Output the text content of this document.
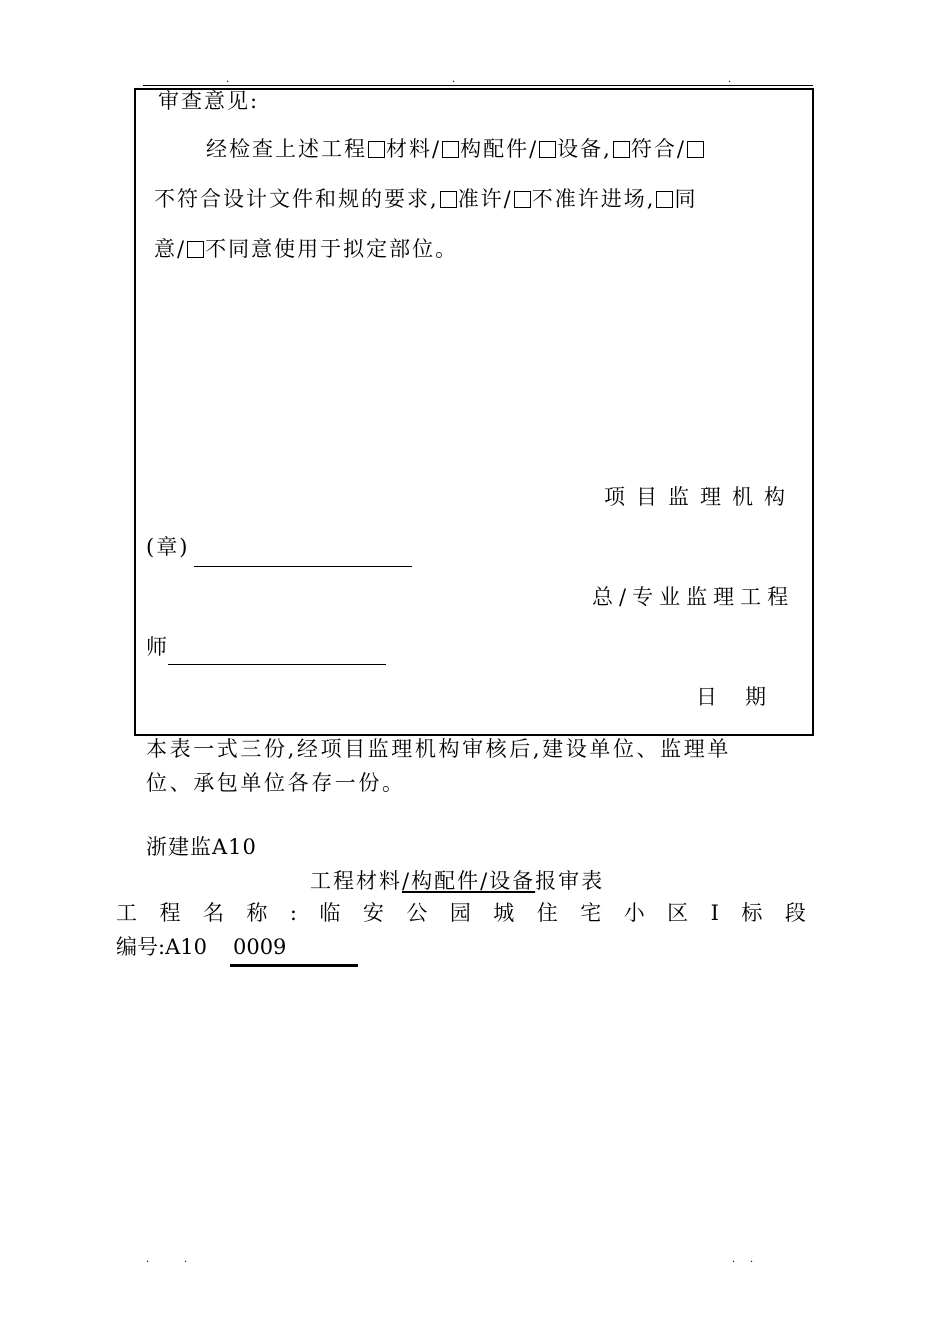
·	·	·
审查意见:
经检查上述工程 材料/ 构配件/ 设备, 符合/
不符合设计文件和规的要求, 准许/ 不准许进场, 同
意/ 不同意使用于拟定部位。
项目监理机构
(章)
总/专业监理工程
师
日   期
本表一式三份,经项目监理机构审核后,建设单位、监理单
位、承包单位各存一份。
浙建监A10
工程材料/构配件/设备报审表
工 程 名 称 : 临 安 公 园 城 住 宅 小 区 Ⅰ 标 段
编号:A10 0009
·	·	· ·
